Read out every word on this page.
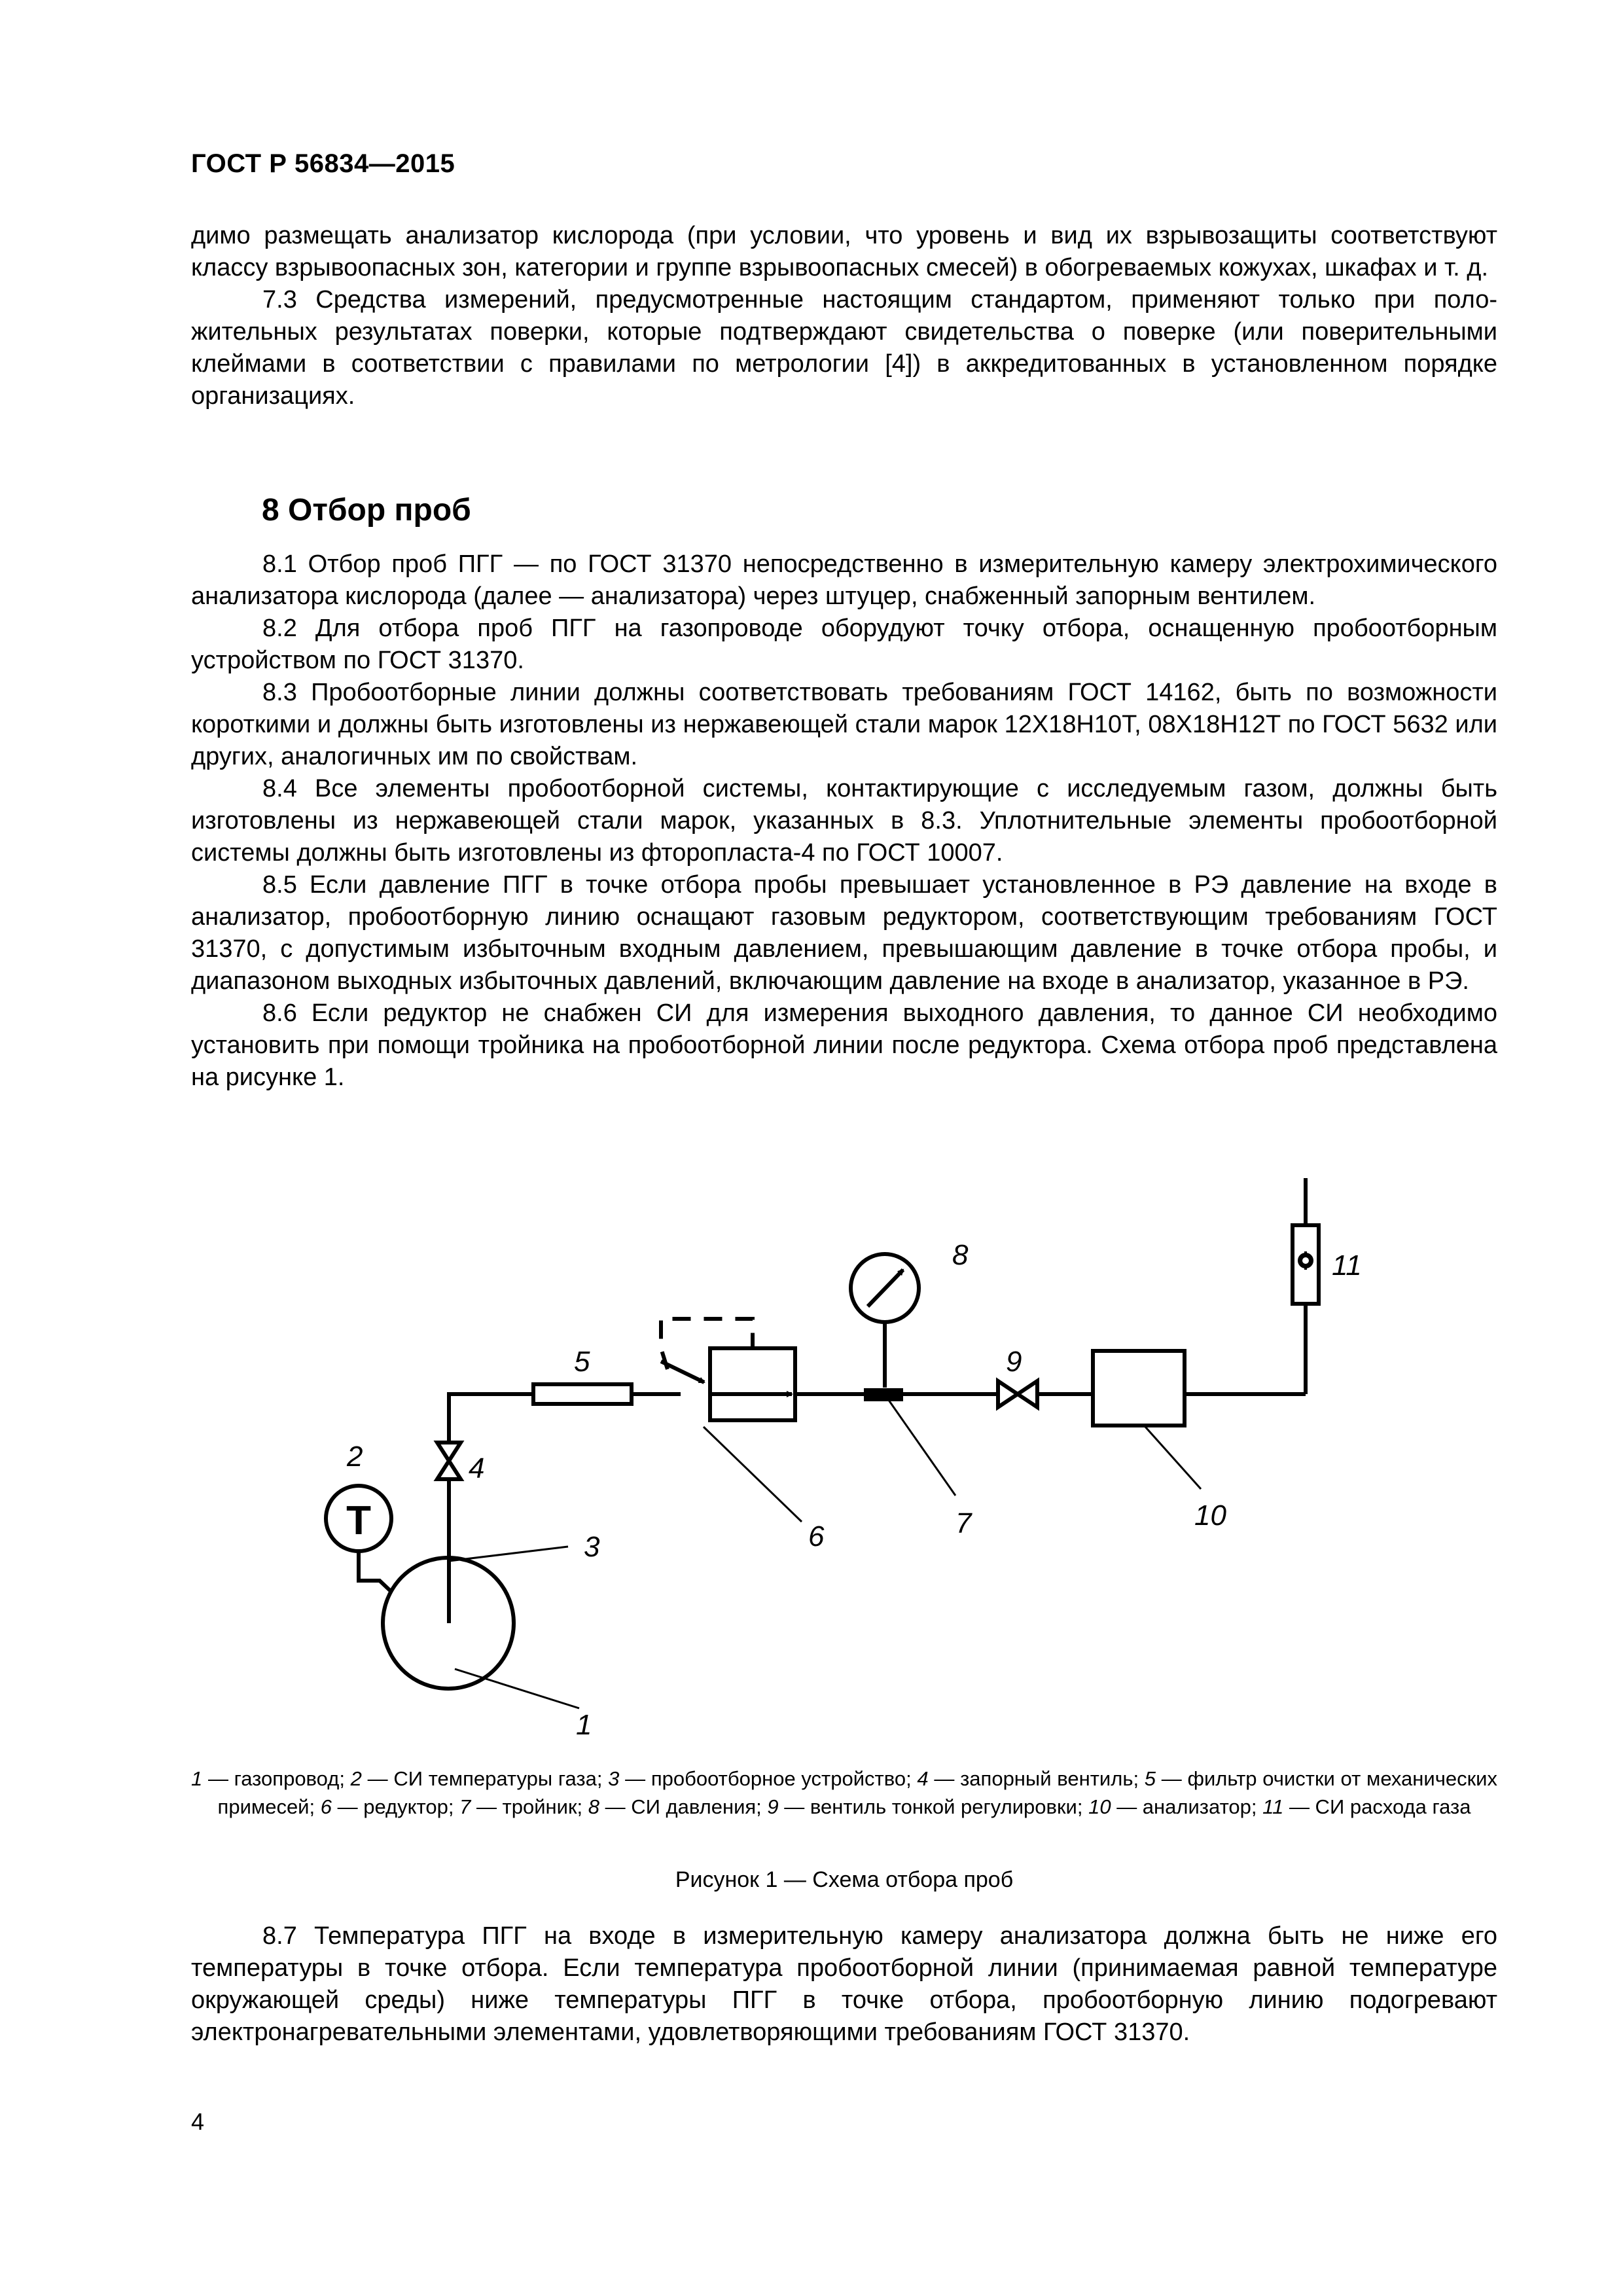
ГОСТ Р 56834—2015

димо размещать анализатор кислорода (при условии, что уровень и вид их взрывозащиты соответствуют классу взрывоопасных зон, категории и группе взрывоопасных смесей) в обогреваемых кожухах, шкафах и т. д.

7.3 Средства измерений, предусмотренные настоящим стандартом, применяют только при положительных результатах поверки, которые подтверждают свидетельства о поверке (или поверительными клеймами в соответствии с правилами по метрологии [4]) в аккредитованных в установленном порядке организациях.

8 Отбор проб

8.1 Отбор проб ПГГ — по ГОСТ 31370 непосредственно в измерительную камеру электрохимического анализатора кислорода (далее — анализатора) через штуцер, снабженный запорным вентилем.

8.2 Для отбора проб ПГГ на газопроводе оборудуют точку отбора, оснащенную пробоотборным устройством по ГОСТ 31370.

8.3 Пробоотборные линии должны соответствовать требованиям ГОСТ 14162, быть по возможности короткими и должны быть изготовлены из нержавеющей стали марок 12Х18Н10Т, 08Х18Н12Т по ГОСТ 5632 или других, аналогичных им по свойствам.

8.4 Все элементы пробоотборной системы, контактирующие с исследуемым газом, должны быть изготовлены из нержавеющей стали марок, указанных в 8.3. Уплотнительные элементы пробоотборной системы должны быть изготовлены из фторопласта-4 по ГОСТ 10007.

8.5 Если давление ПГГ в точке отбора пробы превышает установленное в РЭ давление на входе в анализатор, пробоотборную линию оснащают газовым редуктором, соответствующим требованиям ГОСТ 31370, с допустимым избыточным входным давлением, превышающим давление в точке отбора пробы, и диапазоном выходных избыточных давлений, включающим давление на входе в анализатор, указанное в РЭ.

8.6 Если редуктор не снабжен СИ для измерения выходного давления, то данное СИ необходимо установить при помощи тройника на пробоотборной линии после редуктора. Схема отбора проб представлена на рисунке 1.

Т
1
2
3
4
5
6	7
8
9
10
11
1 — газопровод; 2 — СИ температуры газа; 3 — пробоотборное устройство; 4 — запорный вентиль; 5 — фильтр очистки от механических примесей; 6 — редуктор; 7 — тройник; 8 — СИ давления; 9 — вентиль тонкой регулировки; 10 — анализатор; 11 — СИ расхода газа
Рисунок 1 — Схема отбора проб

8.7 Температура ПГГ на входе в измерительную камеру анализатора должна быть не ниже его температуры в точке отбора. Если температура пробоотборной линии (принимаемая равной температуре окружающей среды) ниже температуры ПГГ в точке отбора, пробоотборную линию подогревают электронагревательными элементами, удовлетворяющими требованиям ГОСТ 31370.

4
